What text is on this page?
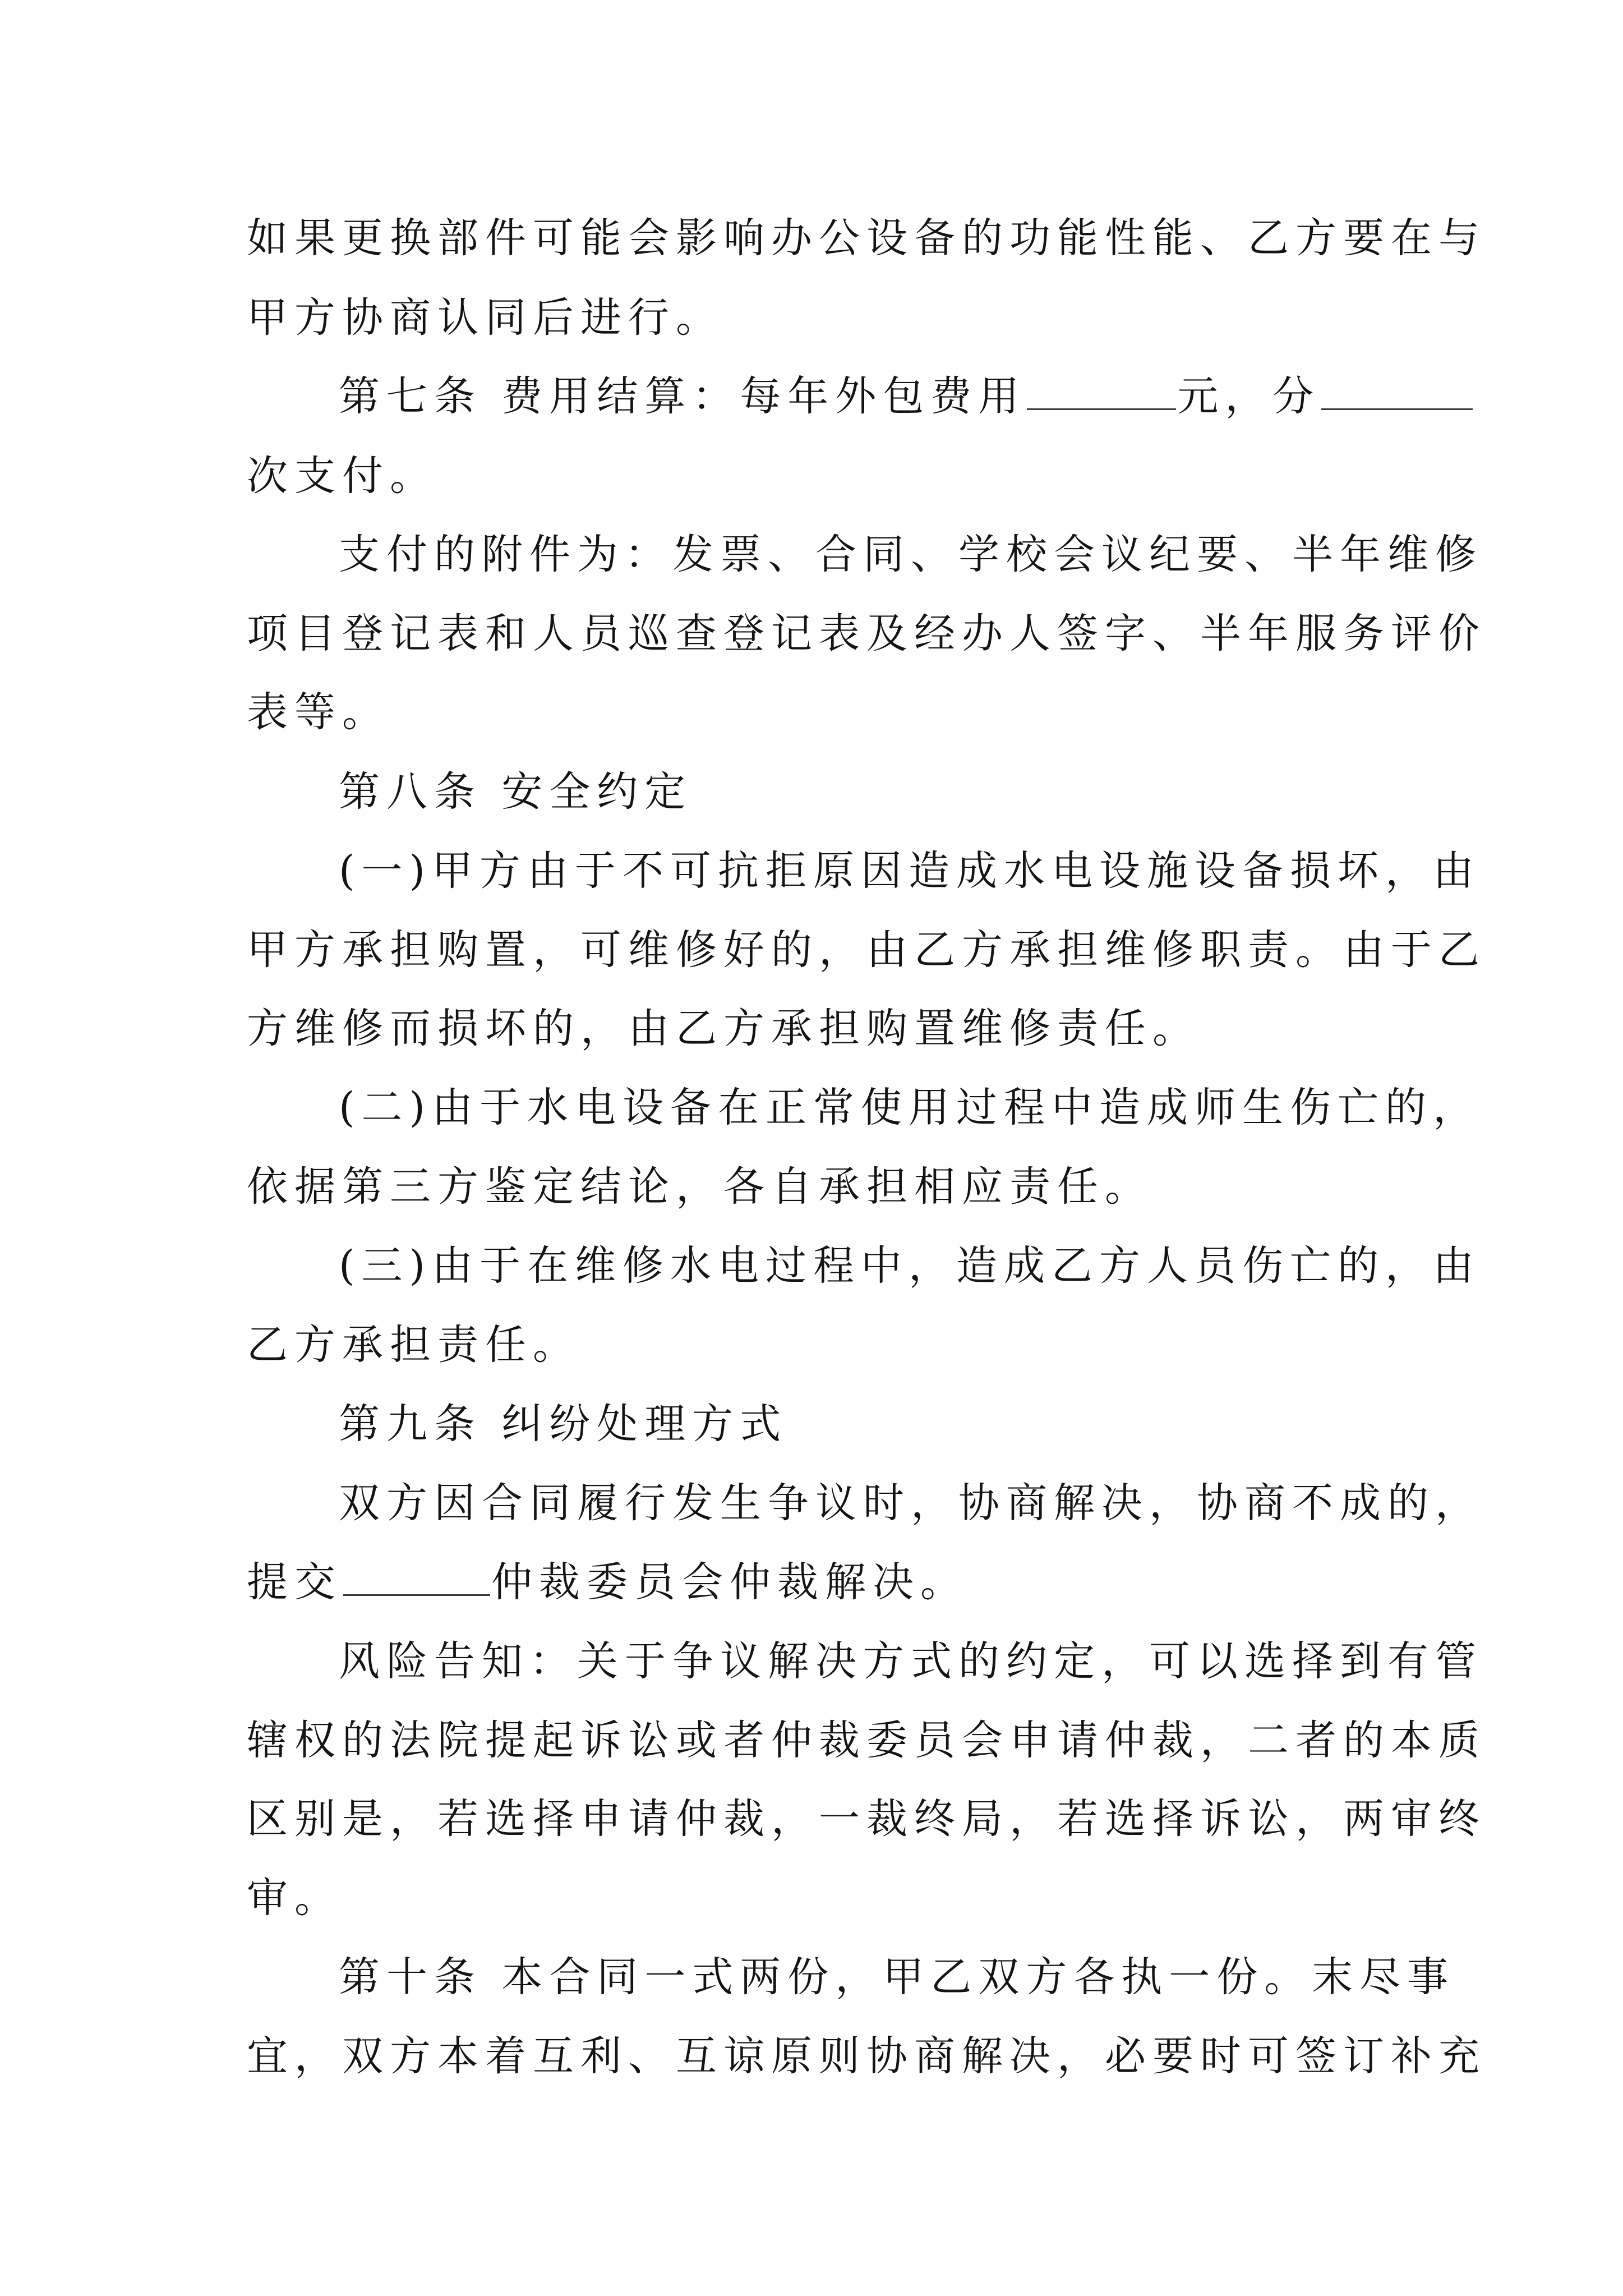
如果更换部件可能会影响办公设备的功能性能、乙方要在与
甲方协商认同后进行。
第七条 费用结算：每年外包费用	元，分
次支付。
支付的附件为：发票、合同、学校会议纪要、半年维修
项目登记表和人员巡查登记表及经办人签字、半年服务评价
表等。
第八条 安全约定
(一)甲方由于不可抗拒原因造成水电设施设备损坏，由
甲方承担购置，可维修好的，由乙方承担维修职责。由于乙
方维修而损坏的，由乙方承担购置维修责任。
(二)由于水电设备在正常使用过程中造成师生伤亡的，
依据第三方鉴定结论，各自承担相应责任。
(三)由于在维修水电过程中，造成乙方人员伤亡的，由
乙方承担责任。
第九条 纠纷处理方式
双方因合同履行发生争议时，协商解决，协商不成的，
提交	仲裁委员会仲裁解决。
风险告知：关于争议解决方式的约定，可以选择到有管
辖权的法院提起诉讼或者仲裁委员会申请仲裁，二者的本质
区别是，若选择申请仲裁，一裁终局，若选择诉讼，两审终
审。
第十条 本合同一式两份，甲乙双方各执一份。末尽事
宜，双方本着互利、互谅原则协商解决，必要时可签订补充
